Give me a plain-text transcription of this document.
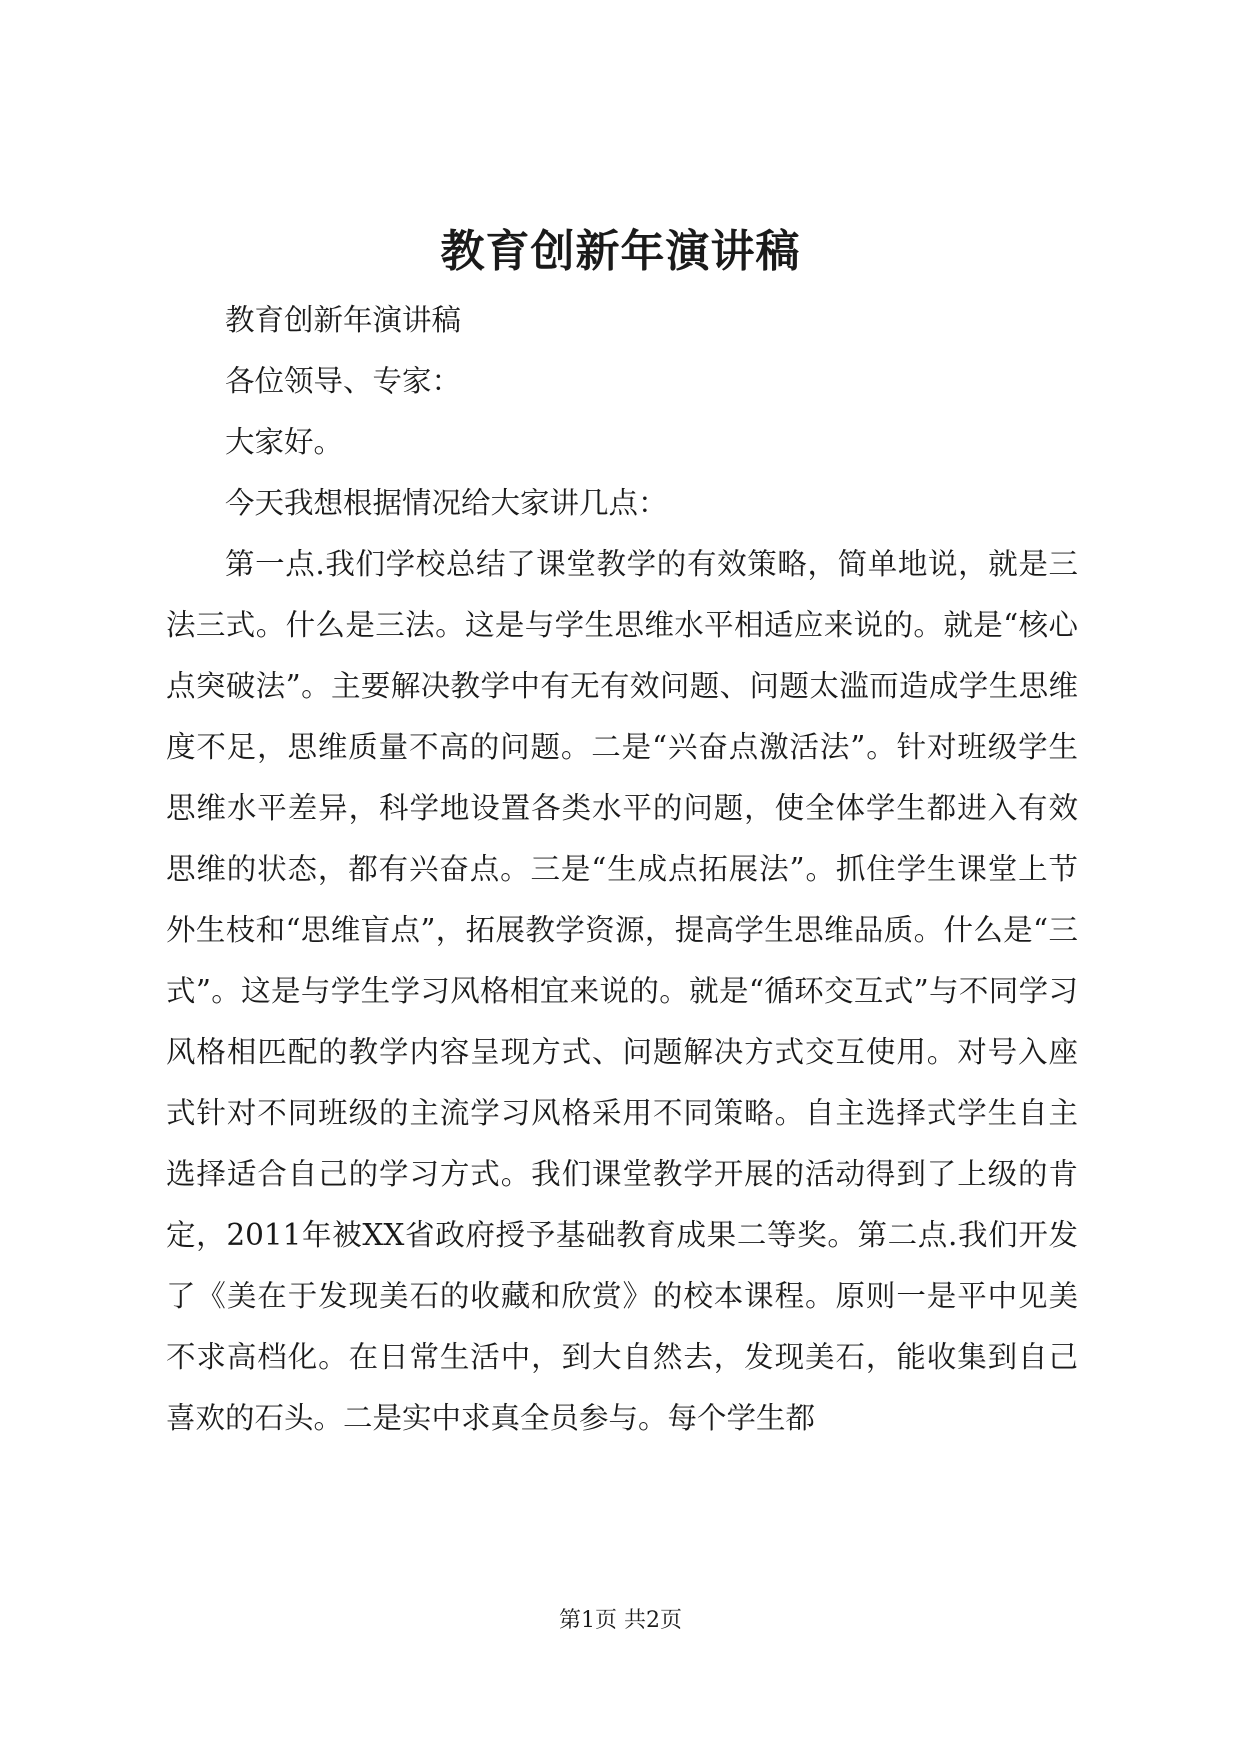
教育创新年演讲稿

教育创新年演讲稿

各位领导、专家：

大家好。

今天我想根据情况给大家讲几点：

第一点.我们学校总结了课堂教学的有效策略，简单地说，就是三法三式。什么是三法。这是与学生思维水平相适应来说的。就是“核心点突破法”。主要解决教学中有无有效问题、问题太滥而造成学生思维度不足，思维质量不高的问题。二是“兴奋点激活法”。针对班级学生思维水平差异，科学地设置各类水平的问题，使全体学生都进入有效思维的状态，都有兴奋点。三是“生成点拓展法”。抓住学生课堂上节外生枝和“思维盲点”，拓展教学资源，提高学生思维品质。什么是“三式”。这是与学生学习风格相宜来说的。就是“循环交互式”与不同学习风格相匹配的教学内容呈现方式、问题解决方式交互使用。对号入座式针对不同班级的主流学习风格采用不同策略。自主选择式学生自主选择适合自己的学习方式。我们课堂教学开展的活动得到了上级的肯定，2011年被XX省政府授予基础教育成果二等奖。第二点.我们开发了《美在于发现美石的收藏和欣赏》的校本课程。原则一是平中见美不求高档化。在日常生活中，到大自然去，发现美石，能收集到自己喜欢的石头。二是实中求真全员参与。每个学生都

第1页 共2页
